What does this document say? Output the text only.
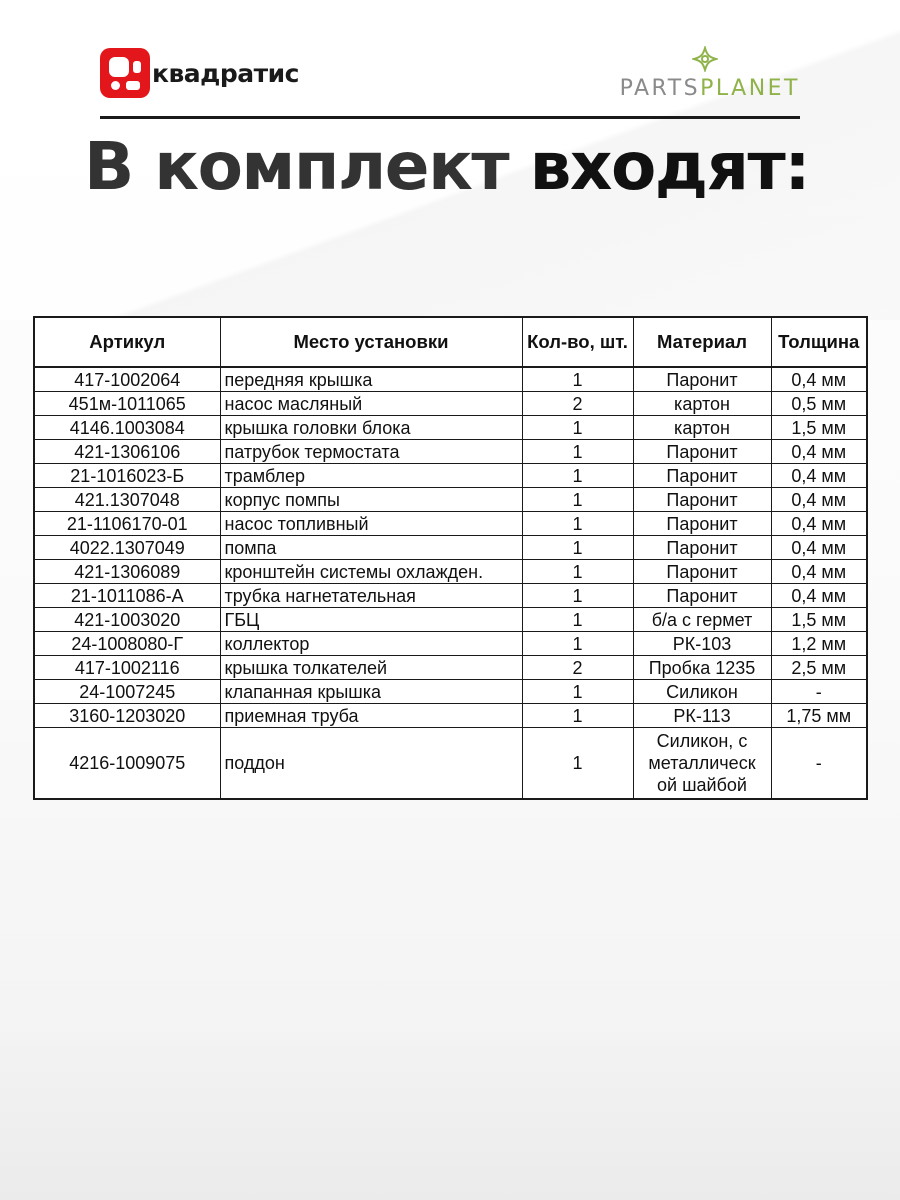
квадратис
PARTSPLANET
В комплект входят:
Артикул	Место установки	Кол-во, шт.	Материал	Толщина
417-1002064	передняя крышка	1	Паронит	0,4 мм
451м-1011065	насос масляный	2	картон	0,5 мм
4146.1003084	крышка головки блока	1	картон	1,5 мм
421-1306106	патрубок термостата	1	Паронит	0,4 мм
21-1016023-Б	трамблер	1	Паронит	0,4 мм
421.1307048	корпус помпы	1	Паронит	0,4 мм
21-1106170-01	насос топливный	1	Паронит	0,4 мм
4022.1307049	помпа	1	Паронит	0,4 мм
421-1306089	кронштейн системы охлажден.	1	Паронит	0,4 мм
21-1011086-А	трубка нагнетательная	1	Паронит	0,4 мм
421-1003020	ГБЦ	1	б/а с гермет	1,5 мм
24-1008080-Г	коллектор	1	РК-103	1,2 мм
417-1002116	крышка толкателей	2	Пробка 1235	2,5 мм
24-1007245	клапанная крышка	1	Силикон	-
3160-1203020	приемная труба	1	РК-113	1,75 мм
4216-1009075	поддон	1	Силикон, с металлическ ой шайбой	-
